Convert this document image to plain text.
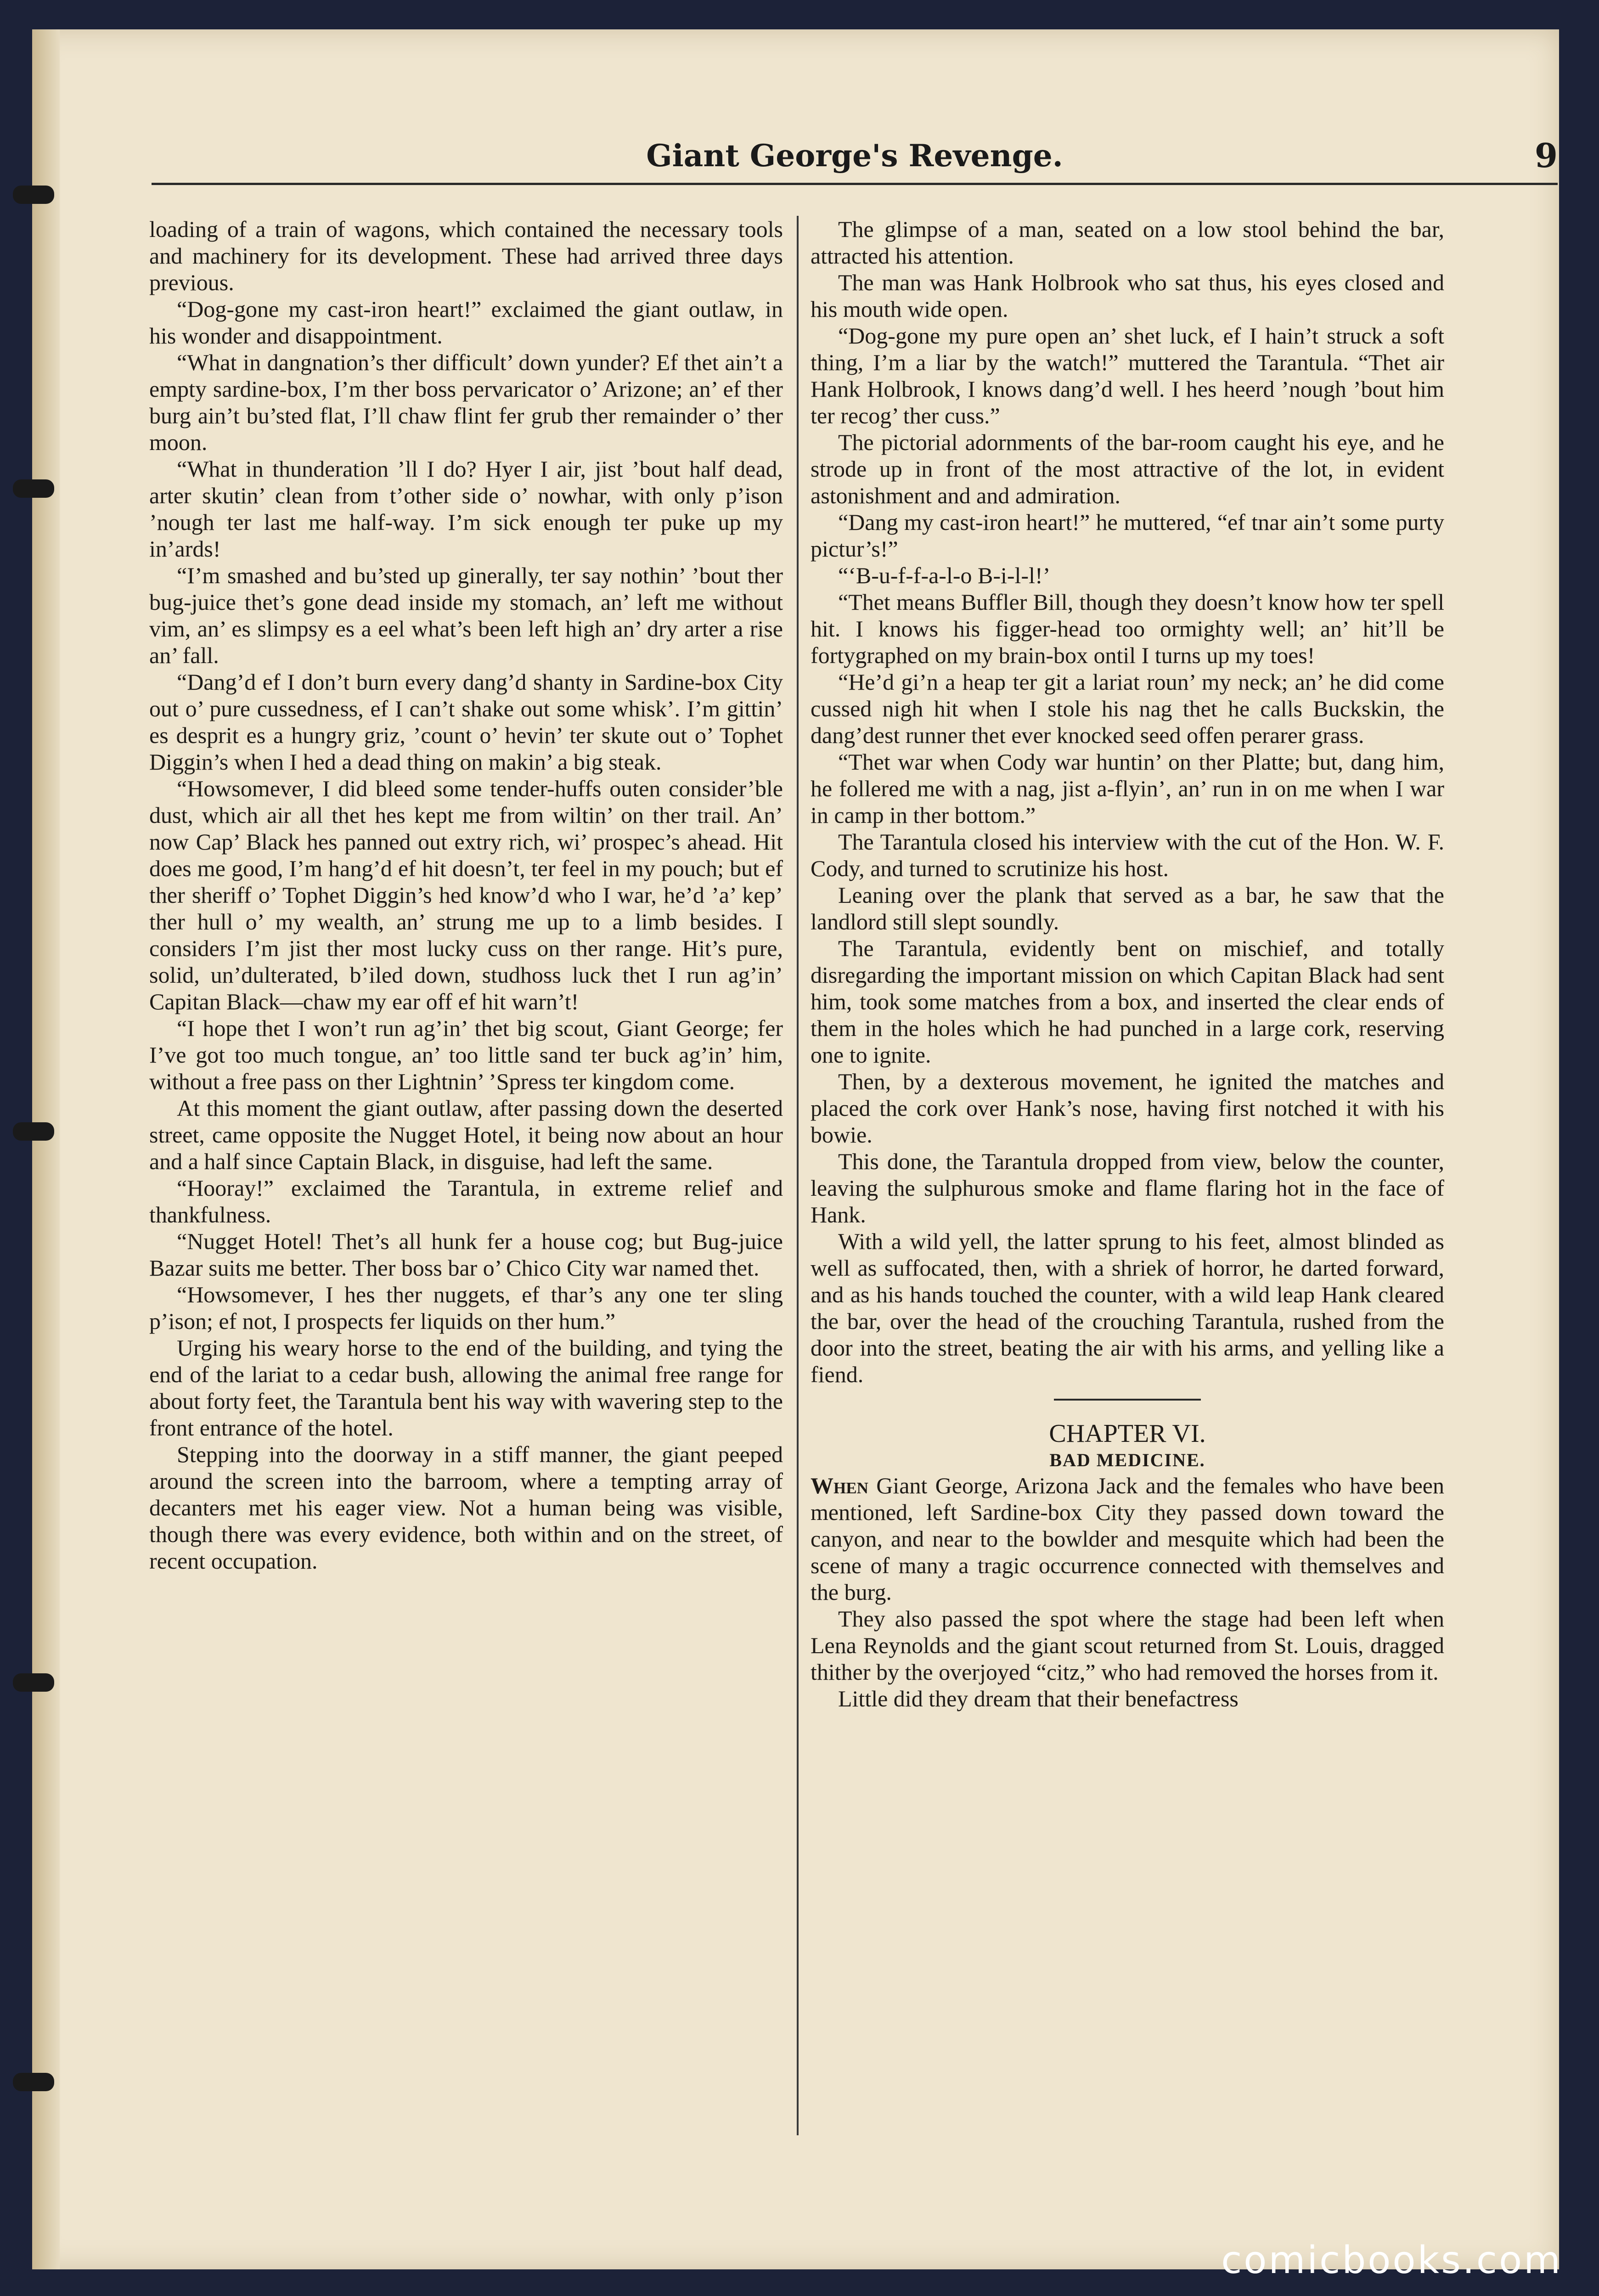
Giant George's Revenge.	9

loading of a train of wagons, which contained the necessary tools and machinery for its development. These had arrived three days previous.

“Dog-gone my cast-iron heart!” exclaimed the giant outlaw, in his wonder and disappointment.

“What in dangnation’s ther difficult’ down yunder? Ef thet ain’t a empty sardine-box, I’m ther boss pervaricator o’ Arizone; an’ ef ther burg ain’t bu’sted flat, I’ll chaw flint fer grub ther remainder o’ ther moon.

“What in thunderation ’ll I do? Hyer I air, jist ’bout half dead, arter skutin’ clean from t’other side o’ nowhar, with only p’ison ’nough ter last me half-way. I’m sick enough ter puke up my in’ards!

“I’m smashed and bu’sted up ginerally, ter say nothin’ ’bout ther bug-juice thet’s gone dead inside my stomach, an’ left me without vim, an’ es slimpsy es a eel what’s been left high an’ dry arter a rise an’ fall.

“Dang’d ef I don’t burn every dang’d shanty in Sardine-box City out o’ pure cussedness, ef I can’t shake out some whisk’. I’m gittin’ es desprit es a hungry griz, ’count o’ hevin’ ter skute out o’ Tophet Diggin’s when I hed a dead thing on makin’ a big steak.

“Howsomever, I did bleed some tender-huffs outen consider’ble dust, which air all thet hes kept me from wiltin’ on ther trail. An’ now Cap’ Black hes panned out extry rich, wi’ prospec’s ahead. Hit does me good, I’m hang’d ef hit doesn’t, ter feel in my pouch; but ef ther sheriff o’ Tophet Diggin’s hed know’d who I war, he’d ’a’ kep’ ther hull o’ my wealth, an’ strung me up to a limb besides. I considers I’m jist ther most lucky cuss on ther range. Hit’s pure, solid, un’dulterated, b’iled down, studhoss luck thet I run ag’in’ Capitan Black—chaw my ear off ef hit warn’t!

“I hope thet I won’t run ag’in’ thet big scout, Giant George; fer I’ve got too much tongue, an’ too little sand ter buck ag’in’ him, without a free pass on ther Lightnin’ ’Spress ter kingdom come.

At this moment the giant outlaw, after passing down the deserted street, came opposite the Nugget Hotel, it being now about an hour and a half since Captain Black, in disguise, had left the same.

“Hooray!” exclaimed the Tarantula, in extreme relief and thankfulness.

“Nugget Hotel! Thet’s all hunk fer a house cog; but Bug-juice Bazar suits me better. Ther boss bar o’ Chico City war named thet.

“Howsomever, I hes ther nuggets, ef thar’s any one ter sling p’ison; ef not, I prospects fer liquids on ther hum.”

Urging his weary horse to the end of the building, and tying the end of the lariat to a cedar bush, allowing the animal free range for about forty feet, the Tarantula bent his way with wavering step to the front entrance of the hotel.

Stepping into the doorway in a stiff manner, the giant peeped around the screen into the barroom, where a tempting array of decanters met his eager view. Not a human being was visible, though there was every evidence, both within and on the street, of recent occupation.

The glimpse of a man, seated on a low stool behind the bar, attracted his attention.

The man was Hank Holbrook who sat thus, his eyes closed and his mouth wide open.

“Dog-gone my pure open an’ shet luck, ef I hain’t struck a soft thing, I’m a liar by the watch!” muttered the Tarantula. “Thet air Hank Holbrook, I knows dang’d well. I hes heerd ’nough ’bout him ter recog’ ther cuss.”

The pictorial adornments of the bar-room caught his eye, and he strode up in front of the most attractive of the lot, in evident astonishment and and admiration.

“Dang my cast-iron heart!” he muttered, “ef tnar ain’t some purty pictur’s!”

“‘B-u-f-f-a-l-o B-i-l-l!’

“Thet means Buffler Bill, though they doesn’t know how ter spell hit. I knows his figger-head too ormighty well; an’ hit’ll be fortygraphed on my brain-box ontil I turns up my toes!

“He’d gi’n a heap ter git a lariat roun’ my neck; an’ he did come cussed nigh hit when I stole his nag thet he calls Buckskin, the dang’dest runner thet ever knocked seed offen perarer grass.

“Thet war when Cody war huntin’ on ther Platte; but, dang him, he follered me with a nag, jist a-flyin’, an’ run in on me when I war in camp in ther bottom.”

The Tarantula closed his interview with the cut of the Hon. W. F. Cody, and turned to scrutinize his host.

Leaning over the plank that served as a bar, he saw that the landlord still slept soundly.

The Tarantula, evidently bent on mischief, and totally disregarding the important mission on which Capitan Black had sent him, took some matches from a box, and inserted the clear ends of them in the holes which he had punched in a large cork, reserving one to ignite.

Then, by a dexterous movement, he ignited the matches and placed the cork over Hank’s nose, having first notched it with his bowie.

This done, the Tarantula dropped from view, below the counter, leaving the sulphurous smoke and flame flaring hot in the face of Hank.

With a wild yell, the latter sprung to his feet, almost blinded as well as suffocated, then, with a shriek of horror, he darted forward, and as his hands touched the counter, with a wild leap Hank cleared the bar, over the head of the crouching Tarantula, rushed from the door into the street, beating the air with his arms, and yelling like a fiend.

CHAPTER VI.

BAD MEDICINE.

When Giant George, Arizona Jack and the females who have been mentioned, left Sardine-box City they passed down toward the canyon, and near to the bowlder and mesquite which had been the scene of many a tragic occurrence connected with themselves and the burg.

They also passed the spot where the stage had been left when Lena Reynolds and the giant scout returned from St. Louis, dragged thither by the overjoyed “citz,” who had removed the horses from it.

Little did they dream that their benefactress

comicbooks.com
